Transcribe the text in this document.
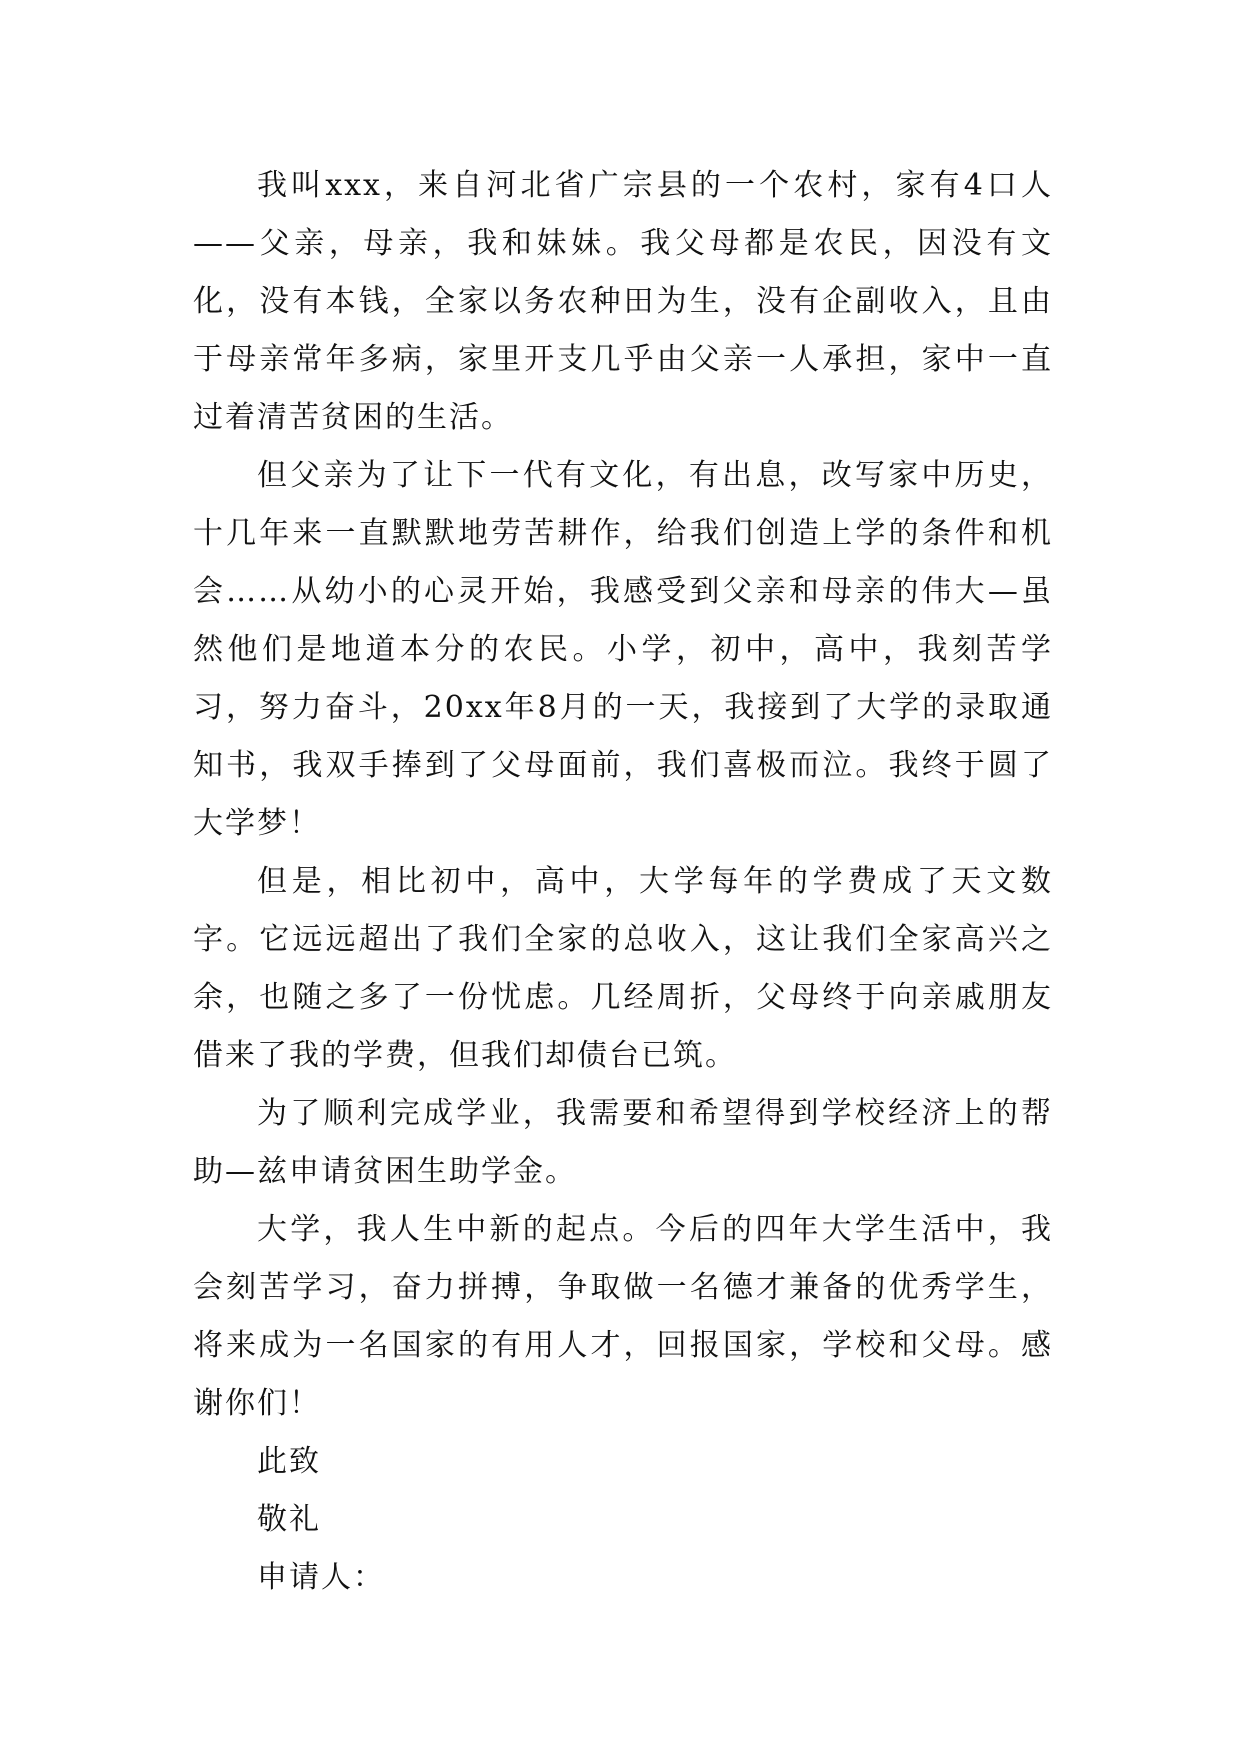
我叫xxx，来自河北省广宗县的一个农村，家有4口人——父亲，母亲，我和妹妹。我父母都是农民，因没有文化，没有本钱，全家以务农种田为生，没有企副收入，且由于母亲常年多病，家里开支几乎由父亲一人承担，家中一直过着清苦贫困的生活。

但父亲为了让下一代有文化，有出息，改写家中历史，十几年来一直默默地劳苦耕作，给我们创造上学的条件和机会……从幼小的心灵开始，我感受到父亲和母亲的伟大—虽然他们是地道本分的农民。小学，初中，高中，我刻苦学习，努力奋斗，20xx年8月的一天，我接到了大学的录取通知书，我双手捧到了父母面前，我们喜极而泣。我终于圆了大学梦！

但是，相比初中，高中，大学每年的学费成了天文数字。它远远超出了我们全家的总收入，这让我们全家高兴之余，也随之多了一份忧虑。几经周折，父母终于向亲戚朋友借来了我的学费，但我们却债台已筑。

为了顺利完成学业，我需要和希望得到学校经济上的帮助—兹申请贫困生助学金。

大学，我人生中新的起点。今后的四年大学生活中，我会刻苦学习，奋力拼搏，争取做一名德才兼备的优秀学生，将来成为一名国家的有用人才，回报国家，学校和父母。感谢你们！

此致

敬礼

申请人：
